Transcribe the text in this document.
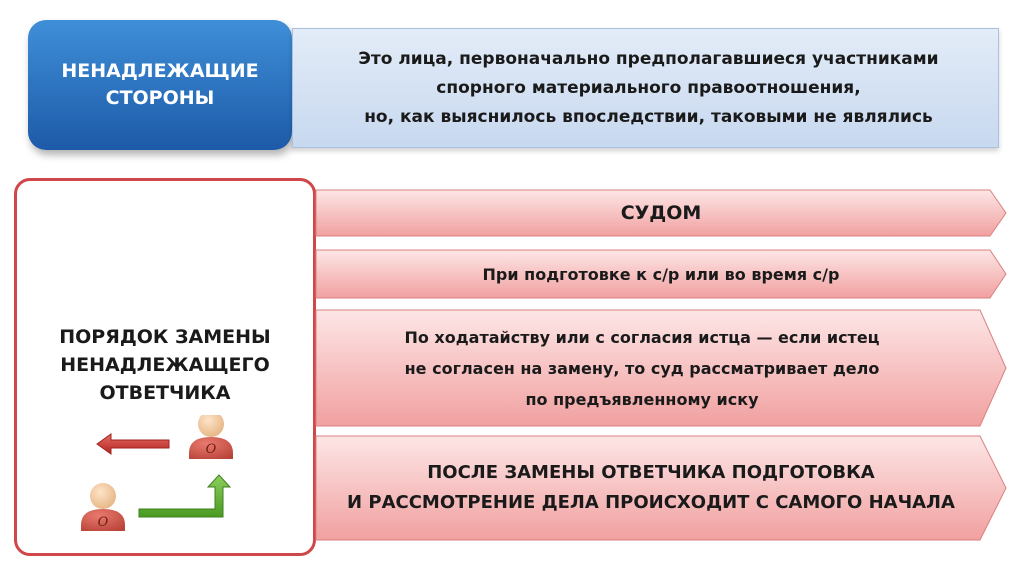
НЕНАДЛЕЖАЩИЕ
СТОРОНЫ
Это лица, первоначально предполагавшиеся участниками
спорного материального правоотношения,
но, как выяснилось впоследствии, таковыми не являлись
ПОРЯДОК ЗАМЕНЫ
НЕНАДЛЕЖАЩЕГО
ОТВЕТЧИКА
О
О
СУДОМ
При подготовке к с/р или во время с/р
По ходатайству или с согласия истца — если истец
не согласен на замену, то суд рассматривает дело
по предъявленному иску
ПОСЛЕ ЗАМЕНЫ ОТВЕТЧИКА ПОДГОТОВКА
И РАССМОТРЕНИЕ ДЕЛА ПРОИСХОДИТ С САМОГО НАЧАЛА
